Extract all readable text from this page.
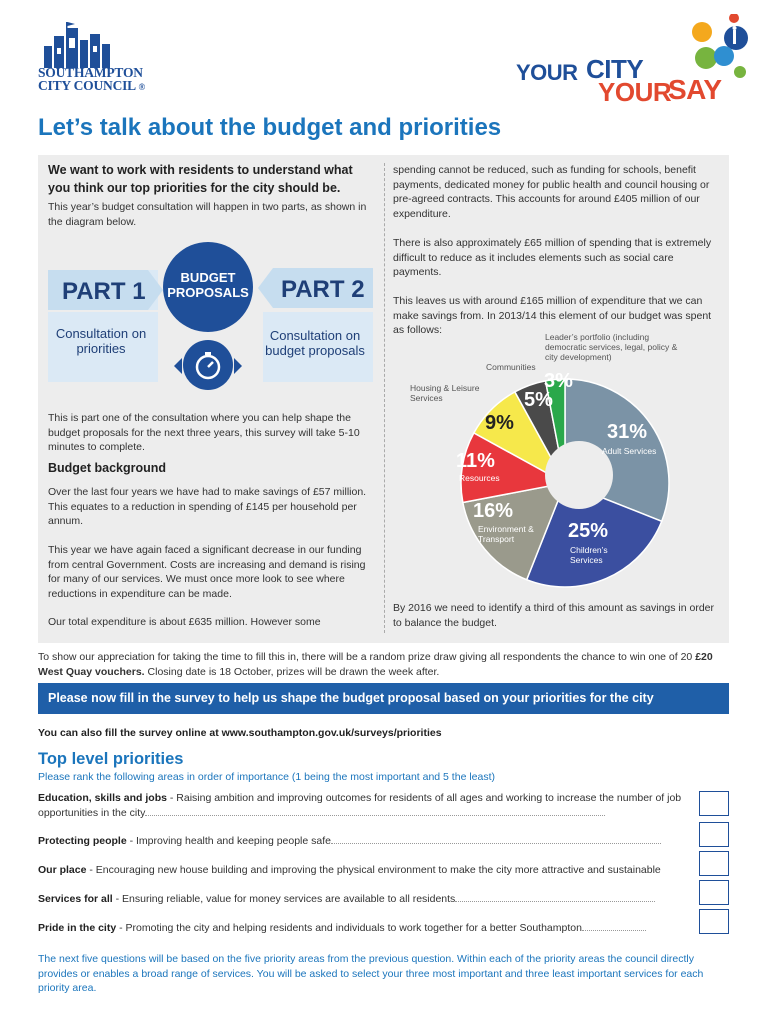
SOUTHAMPTON
CITY COUNCIL ®
YOUR CITY
YOUR
SAY
Let’s talk about the budget and priorities
We want to work with residents to understand what you think our top priorities for the city should be.
This year’s budget consultation will happen in two parts, as shown in the diagram below.
PART 1
Consultation on priorities
PART 2
Consultation on budget proposals
BUDGET
PROPOSALS
This is part one of the consultation where you can help shape the budget proposals for the next three years, this survey will take 5-10 minutes to complete.
Budget background
Over the last four years we have had to make savings of £57 million. This equates to a reduction in spending of £145 per household per annum.
This year we have again faced a significant decrease in our funding from central Government. Costs are increasing and demand is rising for many of our services. We must once more look to see where reductions in expenditure can be made.
Our total expenditure is about £635 million. However some
spending cannot be reduced, such as funding for schools, benefit payments, dedicated money for public health and council housing or pre-agreed contracts. This accounts for around £405 million of our expenditure.
There is also approximately £65 million of spending that is extremely difficult to reduce as it includes elements such as social care payments.
This leaves us with around £165 million of expenditure that we can make savings from. In 2013/14 this element of our budget was spent as follows:
31%
Adult Services
25%
Children’s Services
16%
Environment & Transport
11%
Resources
9%
Housing & Leisure Services	5%
Communities
3%
Leader’s portfolio (including democratic services, legal, policy & city development)
By 2016 we need to identify a third of this amount as savings in order to balance the budget.
To show our appreciation for taking the time to fill this in, there will be a random prize draw giving all respondents the chance to win one of 20 £20 West Quay vouchers. Closing date is 18 October, prizes will be drawn the week after.
Please now fill in the survey to help us shape the budget proposal based on your priorities for the city
You can also fill the survey online at www.southampton.gov.uk/surveys/priorities
Top level priorities
Please rank the following areas in order of importance (1 being the most important and 5 the least)
Education, skills and jobs - Raising ambition and improving outcomes for residents of all ages and working to increase the number of job opportunities in the city
Protecting people - Improving health and keeping people safe
Our place - Encouraging new house building and improving the physical environment to make the city more attractive and sustainable
Services for all - Ensuring reliable, value for money services are available to all residents
Pride in the city - Promoting the city and helping residents and individuals to work together for a better Southampton
The next five questions will be based on the five priority areas from the previous question. Within each of the priority areas the council directly provides or enables a broad range of services. You will be asked to select your three most important and three least important services for each priority area.
